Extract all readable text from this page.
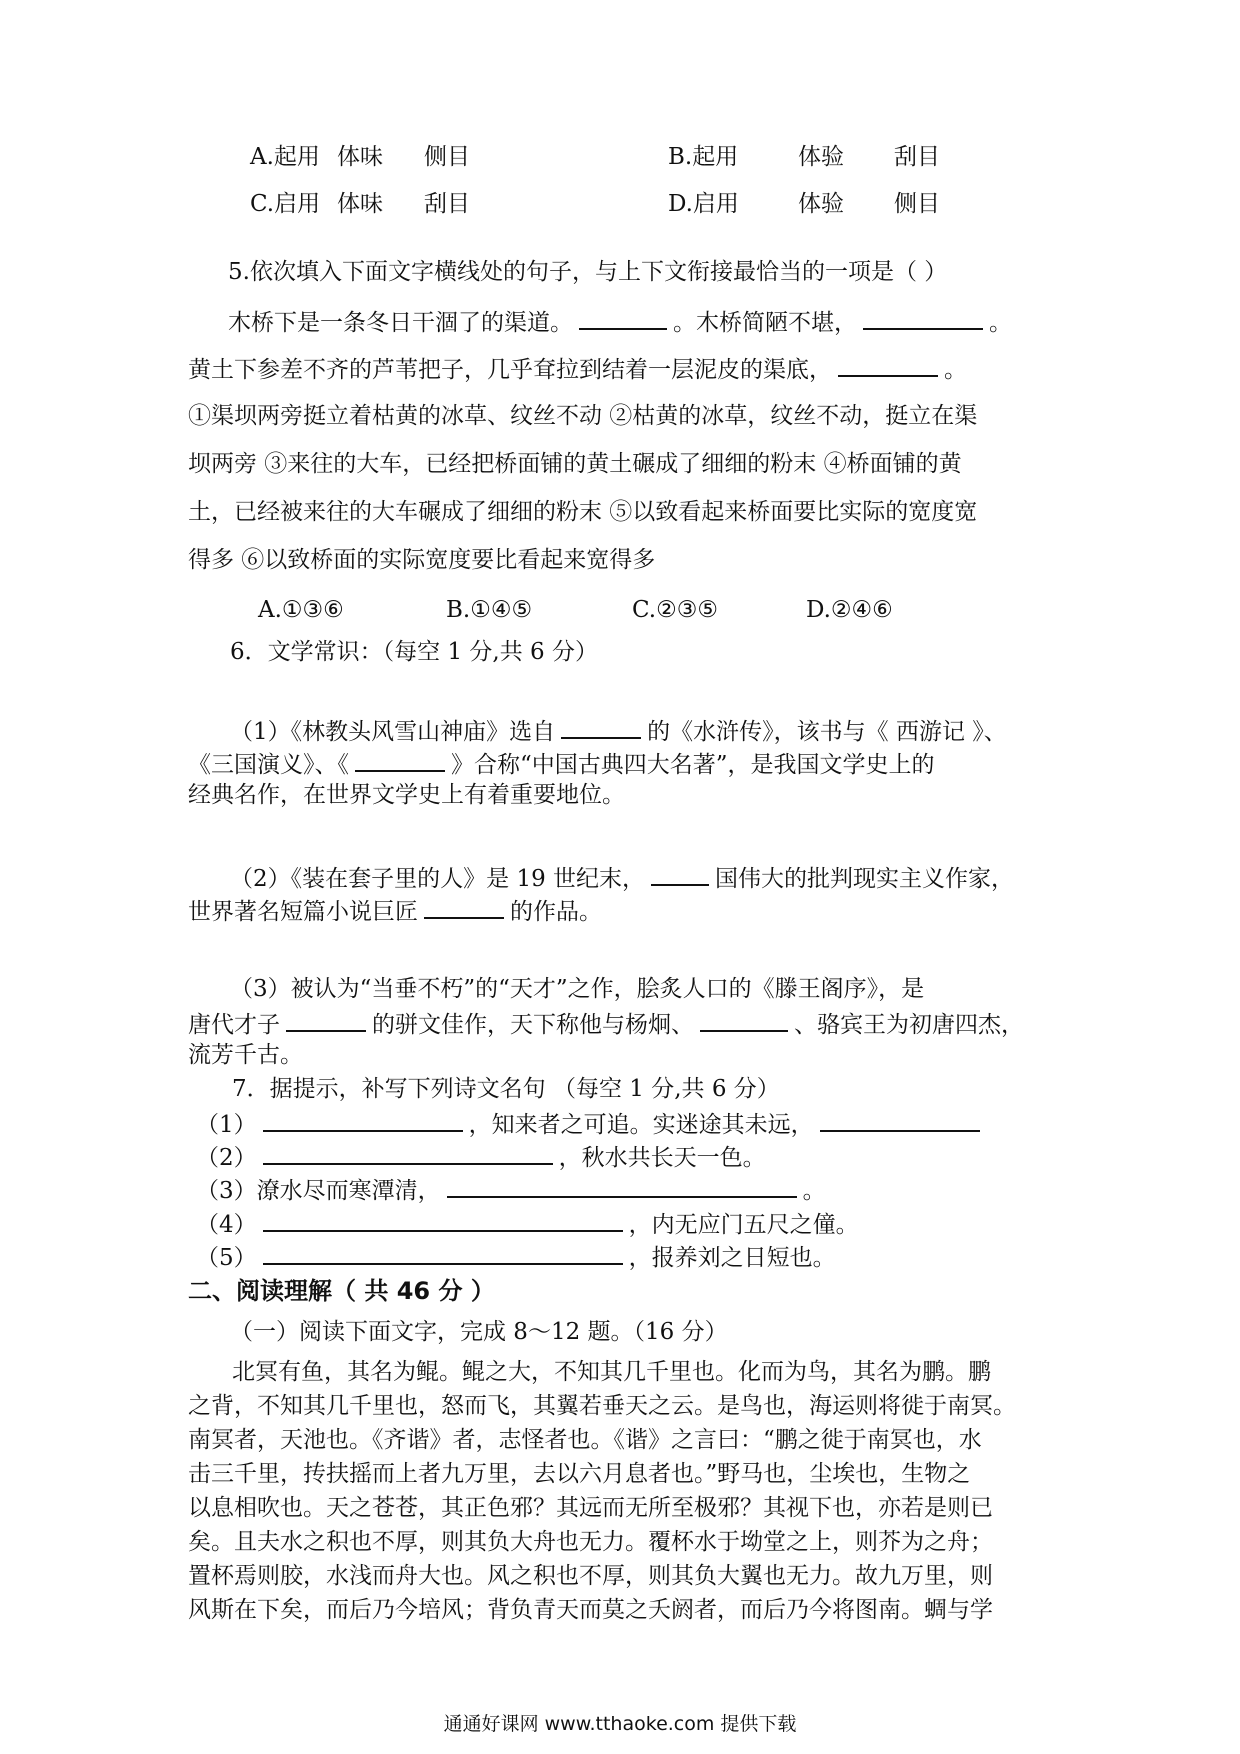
A.起用 体味 侧目	B.起用	体验 刮目
C.启用 体味 刮目	D.启用	体验 侧目
5.依次填入下面文字横线处的句子，与上下文衔接最恰当的一项是（ ）
木桥下是一条冬日干涸了的渠道。	。木桥简陋不堪，	。
黄土下参差不齐的芦苇把子，几乎耷拉到结着一层泥皮的渠底，	。
①渠坝两旁挺立着枯黄的冰草、纹丝不动 ②枯黄的冰草，纹丝不动，挺立在渠
坝两旁 ③来往的大车，已经把桥面铺的黄土碾成了细细的粉末 ④桥面铺的黄
土，已经被来往的大车碾成了细细的粉末 ⑤以致看起来桥面要比实际的宽度宽
得多 ⑥以致桥面的实际宽度要比看起来宽得多
A.①③⑥	B.①④⑤	C.②③⑤	D.②④⑥
6．文学常识：（每空 1 分,共 6 分）
（1）《林教头风雪山神庙》选自	的《水浒传》，该书与《 西游记 》、
《三国演义》、《	》合称“中国古典四大名著”，是我国文学史上的
经典名作，在世界文学史上有着重要地位。
（2）《装在套子里的人》是 19 世纪末，	国伟大的批判现实主义作家，
世界著名短篇小说巨匠	的作品。
（3）被认为“当垂不朽”的“天才”之作，脍炙人口的《滕王阁序》，是
唐代才子	的骈文佳作，天下称他与杨炯、	、骆宾王为初唐四杰，
流芳千古。
7．据提示，补写下列诗文名句 （每空 1 分,共 6 分）
（1）	，知来者之可追。实迷途其未远，
（2）	，秋水共长天一色。
（3）潦水尽而寒潭清，	。
（4）	，内无应门五尺之僮。
（5）	，报养刘之日短也。
二、阅读理解（ 共 46 分 ）
（一）阅读下面文字，完成 8～12 题。（16 分）
北冥有鱼，其名为鲲。鲲之大，不知其几千里也。化而为鸟，其名为鹏。鹏
之背，不知其几千里也，怒而飞，其翼若垂天之云。是鸟也，海运则将徙于南冥。
南冥者，天池也。《齐谐》者，志怪者也。《谐》之言曰：“鹏之徙于南冥也，水
击三千里，抟扶摇而上者九万里，去以六月息者也。”野马也，尘埃也，生物之
以息相吹也。天之苍苍，其正色邪？其远而无所至极邪？其视下也，亦若是则已
矣。且夫水之积也不厚，则其负大舟也无力。覆杯水于坳堂之上，则芥为之舟；
置杯焉则胶，水浅而舟大也。风之积也不厚，则其负大翼也无力。故九万里，则
风斯在下矣，而后乃今培风；背负青天而莫之夭阏者，而后乃今将图南。蜩与学
通通好课网 www.tthaoke.com 提供下载
